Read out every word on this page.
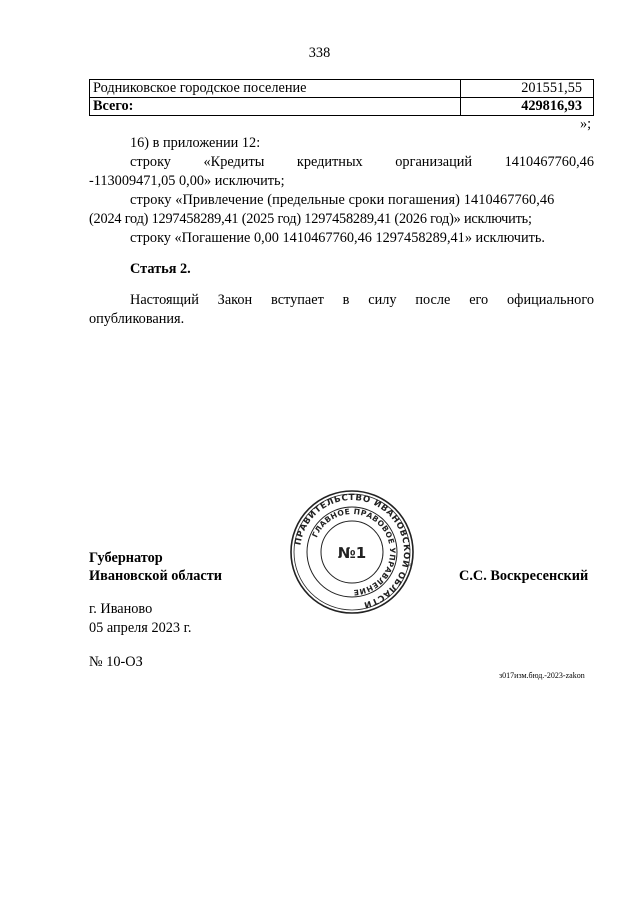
338
Родниковское городское поселение	201551,55
Всего:	429816,93
»;
16) в приложении 12:
строку «Кредиты кредитных организаций 1410467760,46
-113009471,05 0,00» исключить;
строку «Привлечение (предельные сроки погашения) 1410467760,46
(2024 год) 1297458289,41 (2025 год) 1297458289,41 (2026 год)» исключить;
строку «Погашение 0,00 1410467760,46 1297458289,41» исключить.
Статья 2.
Настоящий Закон вступает в силу после его официального
опубликования.
ПРАВИТЕЛЬСТВО ИВАНОВСКОЙ ОБЛАСТИ
ГЛАВНОЕ ПРАВОВОЕ УПРАВЛЕНИЕ
№1
Губернатор
Ивановской области	С.С. Воскресенский
г. Иваново
05 апреля 2023 г.
№ 10-ОЗ
з017изм.бюд.-2023-zakon
